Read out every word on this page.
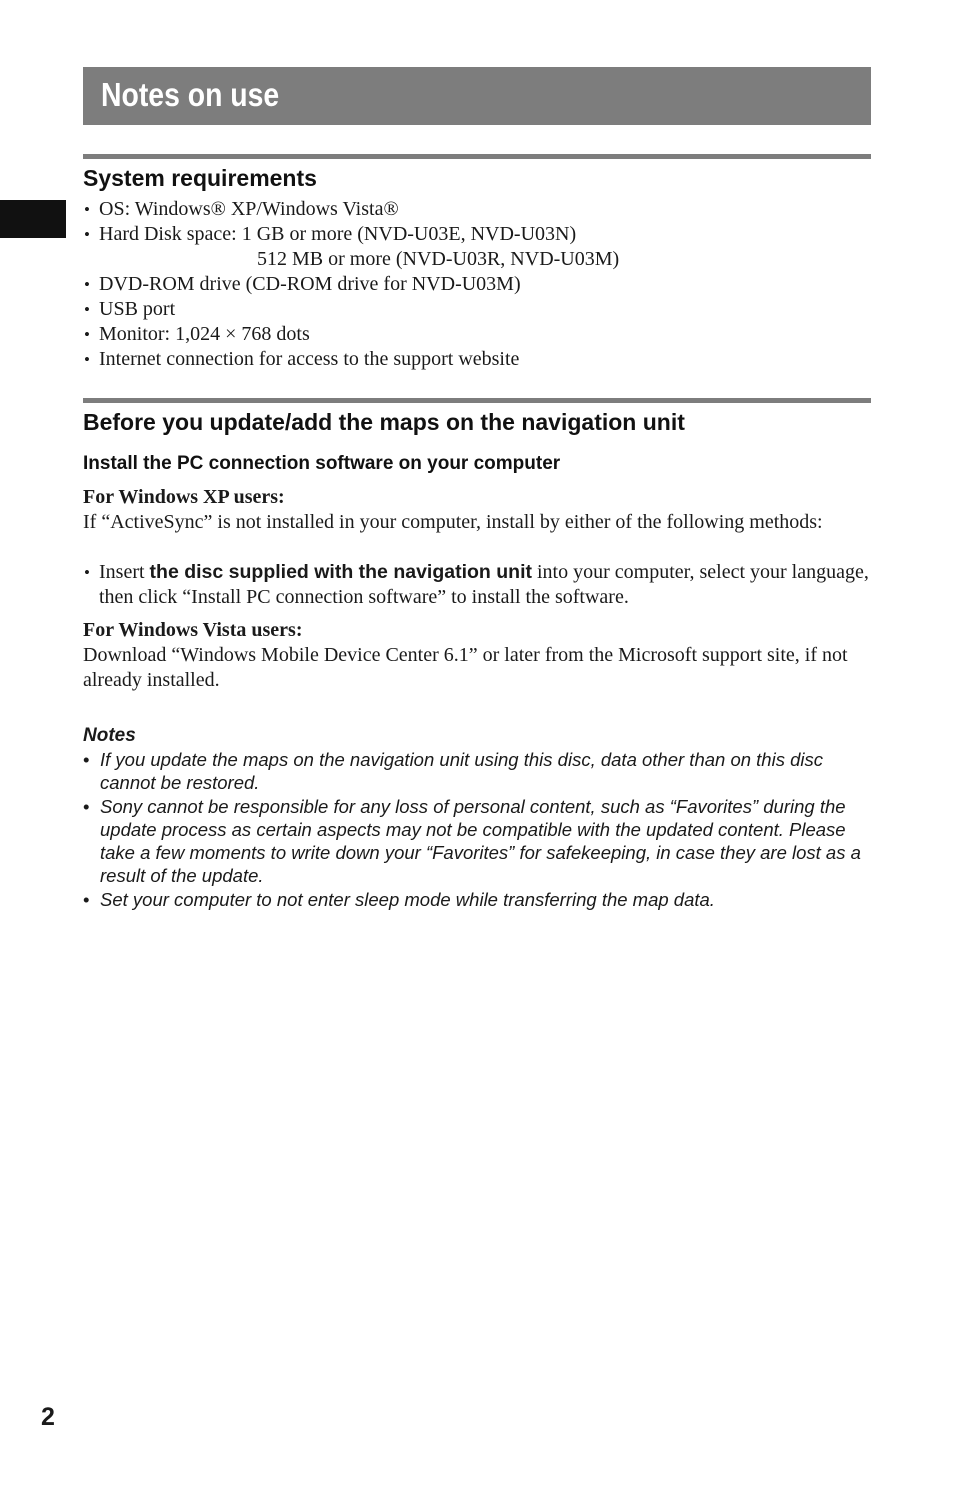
Notes on use
System requirements
• OS: Windows® XP/Windows Vista®
• Hard Disk space: 1 GB or more (NVD-U03E, NVD-U03N)
512 MB or more (NVD-U03R, NVD-U03M)
• DVD-ROM drive (CD-ROM drive for NVD-U03M)
• USB port
• Monitor: 1,024 × 768 dots
• Internet connection for access to the support website
Before you update/add the maps on the navigation unit
Install the PC connection software on your computer
For Windows XP users:
If “ActiveSync” is not installed in your computer, install by either of the following methods:
• Insert the disc supplied with the navigation unit into your computer, select your language, then click “Install PC connection software” to install the software.
For Windows Vista users:
Download “Windows Mobile Device Center 6.1” or later from the Microsoft support site, if not already installed.
Notes
• If you update the maps on the navigation unit using this disc, data other than on this disc cannot be restored.
• Sony cannot be responsible for any loss of personal content, such as “Favorites” during the update process as certain aspects may not be compatible with the updated content. Please take a few moments to write down your “Favorites” for safekeeping, in case they are lost as a result of the update.
• Set your computer to not enter sleep mode while transferring the map data.
2
